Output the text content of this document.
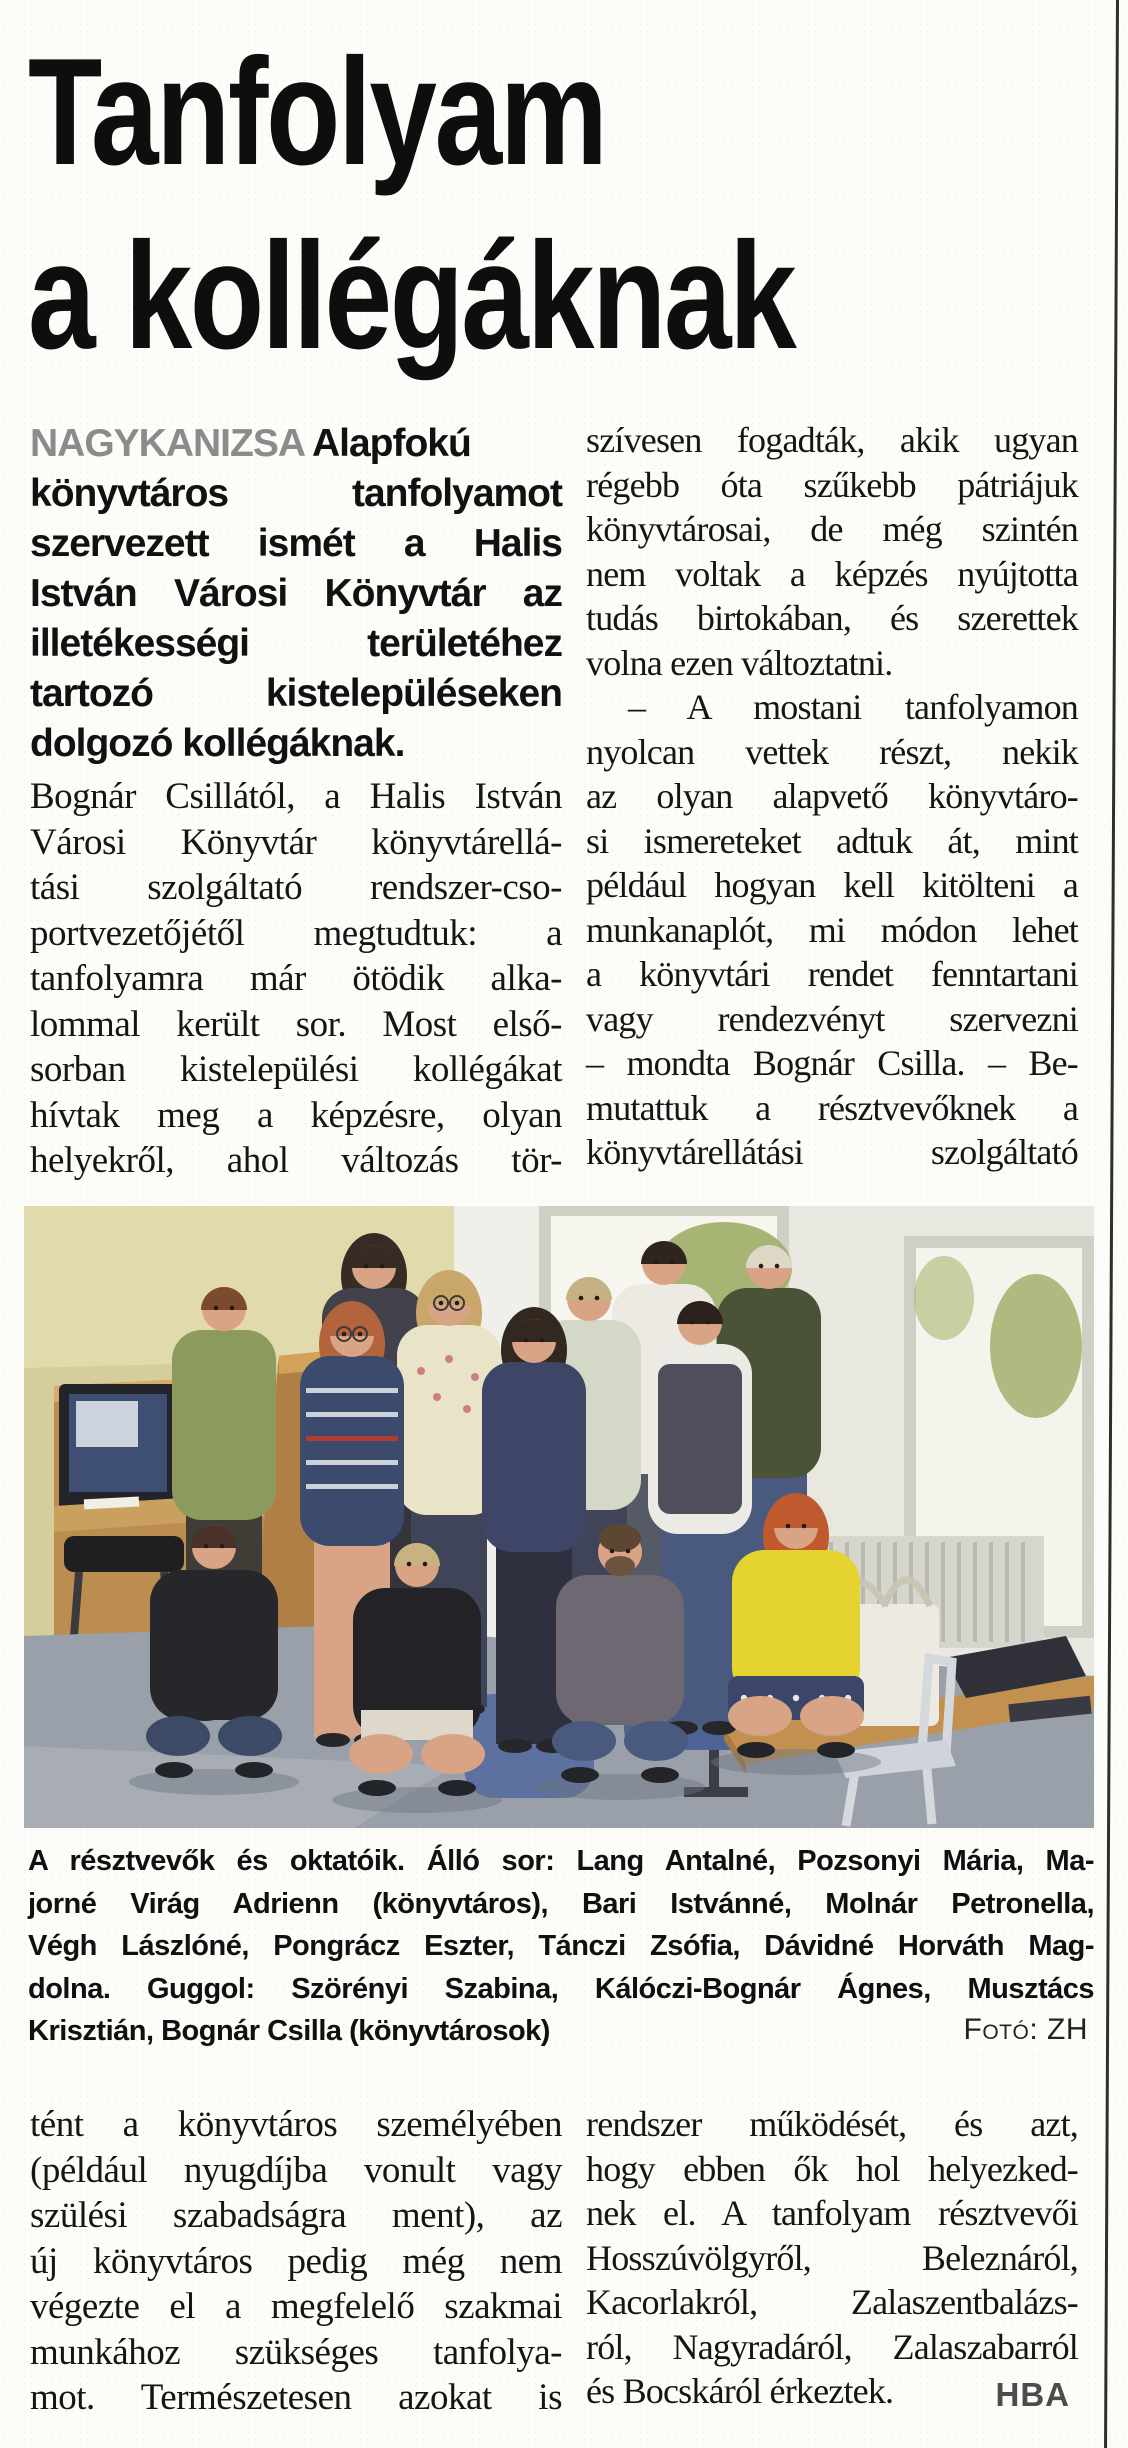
Tanfolyam
a kollégáknak
NAGYKANIZSA Alapfokú
könyvtáros tanfolyamot
szervezett ismét a Halis
István Városi Könyvtár az
illetékességi területéhez
tartozó kistelepüléseken
dolgozó kollégáknak.
Bognár Csillától, a Halis István
Városi Könyvtár könyvtárellá-
tási szolgáltató rendszer-cso-
portvezetőjétől megtudtuk: a
tanfolyamra már ötödik alka-
lommal került sor. Most első-
sorban kistelepülési kollégákat
hívtak meg a képzésre, olyan
helyekről, ahol változás tör-
szívesen fogadták, akik ugyan
régebb óta szűkebb pátriájuk
könyvtárosai, de még szintén
nem voltak a képzés nyújtotta
tudás birtokában, és szerettek
volna ezen változtatni.
– A mostani tanfolyamon
nyolcan vettek részt, nekik
az olyan alapvető könyvtáro-
si ismereteket adtuk át, mint
például hogyan kell kitölteni a
munkanaplót, mi módon lehet
a könyvtári rendet fenntartani
vagy rendezvényt szervezni
– mondta Bognár Csilla. – Be-
mutattuk a résztvevőknek a
könyvtárellátási szolgáltató
A résztvevők és oktatóik. Álló sor: Lang Antalné, Pozsonyi Mária, Ma-
jorné Virág Adrienn (könyvtáros), Bari Istvánné, Molnár Petronella,
Végh Lászlóné, Pongrácz Eszter, Tánczi Zsófia, Dávidné Horváth Mag-
dolna. Guggol: Szörényi Szabina, Kálóczi-Bognár Ágnes, Musztács
Krisztián, Bognár Csilla (könyvtárosok)	Fotó: ZH
tént a könyvtáros személyében
(például nyugdíjba vonult vagy
szülési szabadságra ment), az
új könyvtáros pedig még nem
végezte el a megfelelő szakmai
munkához szükséges tanfolya-
mot. Természetesen azokat is
rendszer működését, és azt,
hogy ebben ők hol helyezked-
nek el. A tanfolyam résztvevői
Hosszúvölgyről, Beleznáról,
Kacorlakról, Zalaszentbalázs-
ról, Nagyradáról, Zalaszabarról
és Bocskáról érkeztek.	HBA
